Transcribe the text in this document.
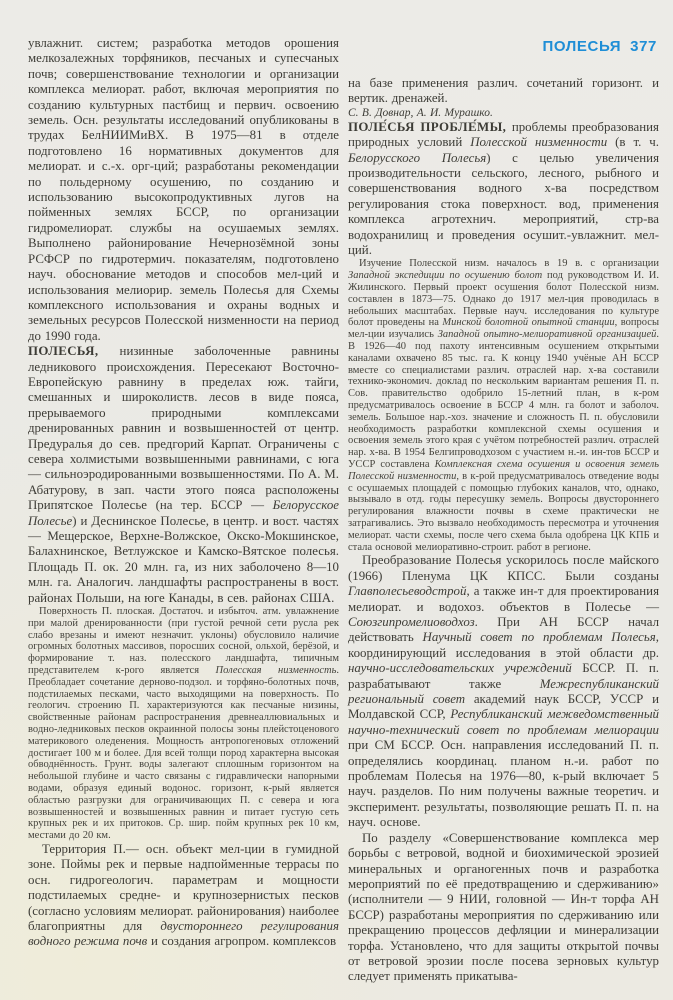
увлажнит. систем; разработка методов орошения мелкозалежных торфяников, песчаных и супесчаных почв; совершенствование технологии и организации комплекса мелиорат. работ, включая мероприятия по созданию культурных пастбищ и первич. освоению земель. Осн. результаты исследований опубликованы в трудах БелНИИМиВХ. В 1975—81 в отделе подготовлено 16 нормативных документов для мелиорат. и с.-х. орг-ций; разработаны рекомендации по польдерному осушению, по созданию и использованию высокопродуктивных лугов на пойменных землях БССР, по организации гидромелиорат. службы на осушаемых землях. Выполнено районирование Нечернозёмной зоны РСФСР по гидротермич. показателям, подготовлено науч. обоснование методов и способов мел-ций и использования мелиорир. земель Полесья для Схемы комплексного использования и охраны водных и земельных ресурсов Полесской низменности на период до 1990 года.

ПОЛЕСЬЯ, низинные заболоченные равнины ледникового происхождения. Пересекают Восточно-Европейскую равнину в пределах юж. тайги, смешанных и широколиств. лесов в виде пояса, прерываемого природными комплексами дренированных равнин и возвышенностей от центр. Предуралья до сев. предгорий Карпат. Ограничены с севера холмистыми возвышенными равнинами, с юга — сильноэродированными возвышенностями. По А. М. Абатурову, в зап. части этого пояса расположены Припятское Полесье (на тер. БССР — Белорусское Полесье) и Деснинское Полесье, в центр. и вост. частях — Мещерское, Верхне-Волжское, Окско-Мокшинское, Балахнинское, Ветлужское и Камско-Вятское полесья. Площадь П. ок. 20 млн. га, из них заболочено 8—10 млн. га. Аналогич. ландшафты распространены в вост. районах Польши, на юге Канады, в сев. районах США.

Поверхность П. плоская. Достаточ. и избыточ. атм. увлажнение при малой дренированности (при густой речной сети русла рек слабо врезаны и имеют незначит. уклоны) обусловило наличие огромных болотных массивов, поросших сосной, ольхой, берёзой, и формирование т. наз. полесского ландшафта, типичным представителем к-рого является Полесская низменность. Преобладает сочетание дерново-подзол. и торфяно-болотных почв, подстилаемых песками, часто выходящими на поверхность. По геологич. строению П. характеризуются как песчаные низины, свойственные районам распространения древнеаллювиальных и водно-ледниковых песков окраинной полосы зоны плейстоценового материкового оледенения. Мощность антропогеновых отложений достигает 100 м и более. Для всей толщи пород характерна высокая обводнённость. Грунт. воды залегают сплошным горизонтом на небольшой глубине и часто связаны с гидравлически напорными водами, образуя единый водонос. горизонт, к-рый является областью разгрузки для ограничивающих П. с севера и юга возвышенностей и возвышенных равнин и питает густую сеть крупных рек и их притоков. Ср. шир. пойм крупных рек 10 км, местами до 20 км.

Территория П.— осн. объект мел-ции в гумидной зоне. Поймы рек и первые надпойменные террасы по осн. гидрогеологич. параметрам и мощности подстилаемых средне- и крупнозернистых песков (согласно условиям мелиорат. районирования) наиболее благоприятны для двустороннего регулирования водного режима почв и создания агропром. комплексов

ПОЛЕСЬЯ 377

на базе применения различ. сочетаний горизонт. и вертик. дренажей.

С. В. Довнар, А. И. Мурашко.

ПОЛЕ́СЬЯ ПРОБЛЕ́МЫ, проблемы преобразования природных условий Полесской низменности (в т. ч. Белорусского Полесья) с целью увеличения производительности сельского, лесного, рыбного и совершенствования водного х-ва посредством регулирования стока поверхност. вод, применения комплекса агротехнич. мероприятий, стр-ва водохранилищ и проведения осушит.-увлажнит. мел-ций.

Изучение Полесской низм. началось в 19 в. с организации Западной экспедиции по осушению болот под руководством И. И. Жилинского. Первый проект осушения болот Полесской низм. составлен в 1873—75. Однако до 1917 мел-ция проводилась в небольших масштабах. Первые науч. исследования по культуре болот проведены на Минской болотной опытной станции, вопросы мел-ции изучались Западной опытно-мелиоративной организацией. В 1926—40 под пахоту интенсивным осушением открытыми каналами охвачено 85 тыс. га. К концу 1940 учёные АН БССР вместе со специалистами различ. отраслей нар. х-ва составили технико-экономич. доклад по нескольким вариантам решения П. п. Сов. правительство одобрило 15-летний план, в к-ром предусматривалось освоение в БССР 4 млн. га болот и заболоч. земель. Большое нар.-хоз. значение и сложность П. п. обусловили необходимость разработки комплексной схемы осушения и освоения земель этого края с учётом потребностей различ. отраслей нар. х-ва. В 1954 Белгипроводхозом с участием н.-и. ин-тов БССР и УССР составлена Комплексная схема осушения и освоения земель Полесской низменности, в к-рой предусматривалось отведение воды с осушаемых площадей с помощью глубоких каналов, что, однако, вызывало в отд. годы пересушку земель. Вопросы двустороннего регулирования влажности почвы в схеме практически не затрагивались. Это вызвало необходимость пересмотра и уточнения мелиорат. части схемы, после чего схема была одобрена ЦК КПБ и стала основой мелиоративно-строит. работ в регионе.

Преобразование Полесья ускорилось после майского (1966) Пленума ЦК КПСС. Были созданы Главполесьеводстрой, а также ин-т для проектирования мелиорат. и водохоз. объектов в Полесье — Союзгипромелиоводхоз. При АН БССР начал действовать Научный совет по проблемам Полесья, координирующий исследования в этой области др. научно-исследовательских учреждений БССР. П. п. разрабатывают также Межреспубликанский региональный совет академий наук БССР, УССР и Молдавской ССР, Республиканский межведомственный научно-технический совет по проблемам мелиорации при СМ БССР. Осн. направления исследований П. п. определялись координац. планом н.-и. работ по проблемам Полесья на 1976—80, к-рый включает 5 науч. разделов. По ним получены важные теоретич. и эксперимент. результаты, позволяющие решать П. п. на науч. основе.

По разделу «Совершенствование комплекса мер борьбы с ветровой, водной и биохимической эрозией минеральных и органогенных почв и разработка мероприятий по её предотвращению и сдерживанию» (исполнители — 9 НИИ, головной — Ин-т торфа АН БССР) разработаны мероприятия по сдерживанию или прекращению процессов дефляции и минерализации торфа. Установлено, что для защиты открытой почвы от ветровой эрозии после посева зерновых культур следует применять прикатыва-
